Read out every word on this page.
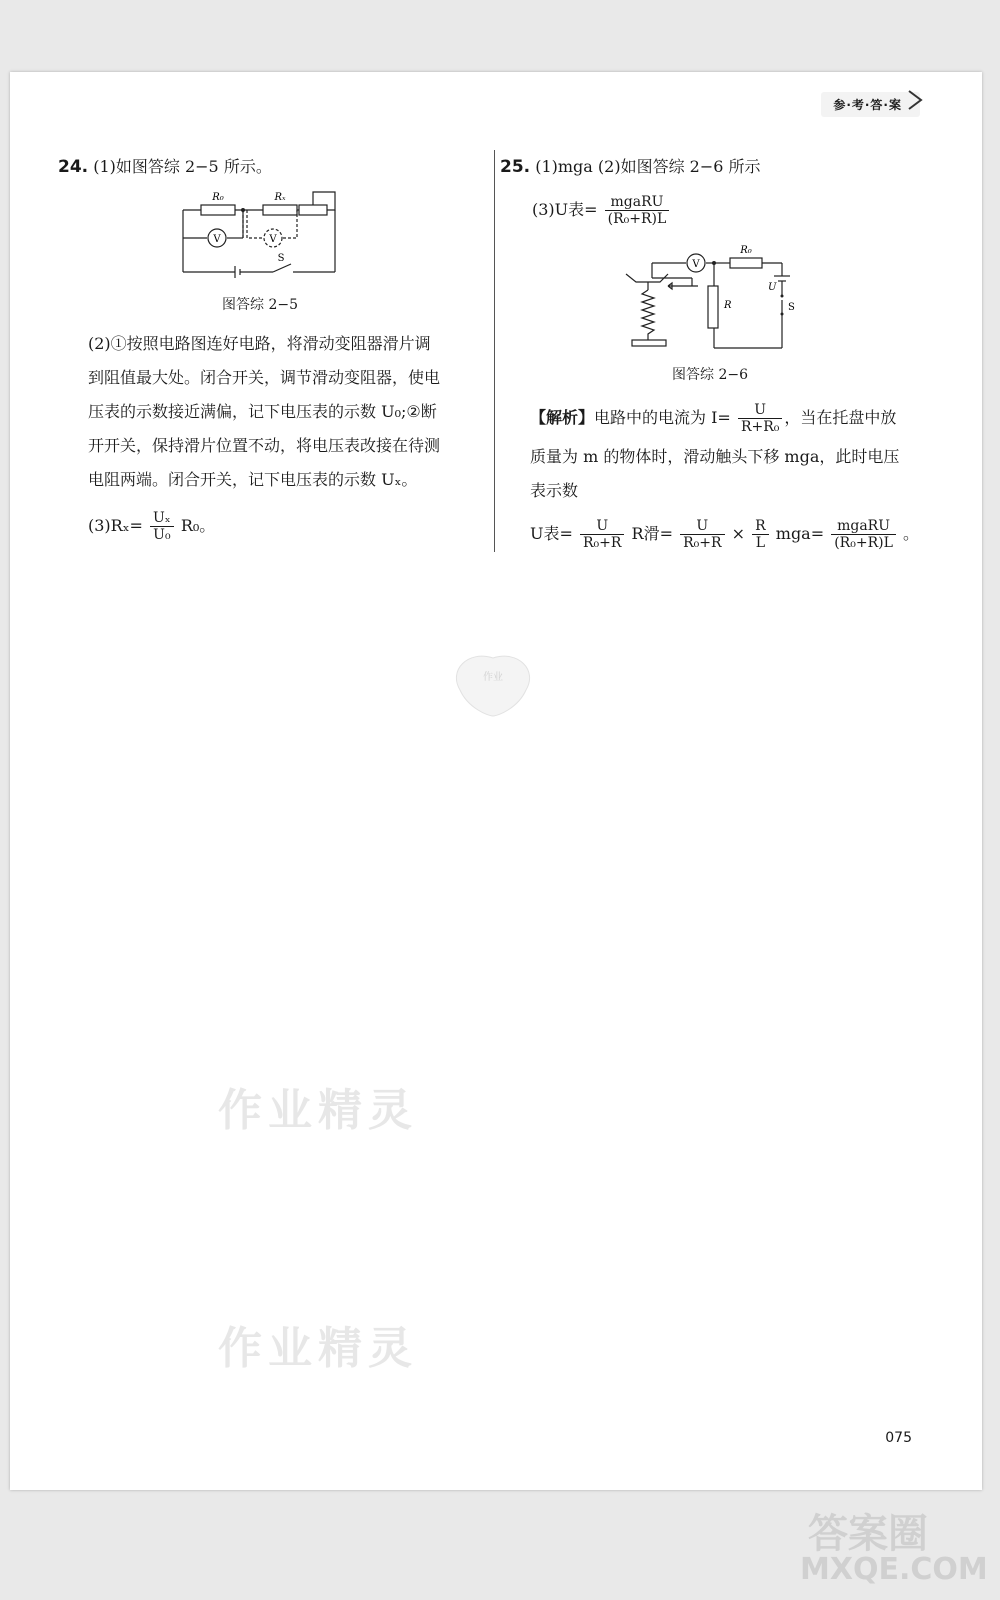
参·考·答·案
24. (1)如图答综 2−5 所示。
R₀	Rₓ
V	V
S
图答综 2−5
(2)①按照电路图连好电路，将滑动变阻器滑片调
到阻值最大处。闭合开关，调节滑动变阻器，使电
压表的示数接近满偏，记下电压表的示数 U₀;②断
开开关，保持滑片位置不动，将电压表改接在待测
电阻两端。闭合开关，记下电压表的示数 Uₓ。
$(3)R_x= \frac{\text{Uₓ}}{\text{U₀}} R_0$。
25. (1)mga (2)如图答综 2−6 所示
(3)U表= $\frac{\text{mgaRU}}{\text{(R₀+R)L}}$
V
R₀
R
U
S
图答综 2−6
【解析】电路中的电流为 $I= \frac{U}{\text{R+R₀}}$ ，当在托盘中放
质量为 m 的物体时，滑动触头下移 mga，此时电压
表示数
U表= $\frac{U}{\text{R₀+R}}$ R滑= $\frac{U}{\text{R₀+R}} \times \frac{R}{L} mga= \frac{\text{mgaRU}}{\text{(R₀+R)L}}$ 。
作业
作业精灵
作业精灵
075
答案圈
MXQE.COM
